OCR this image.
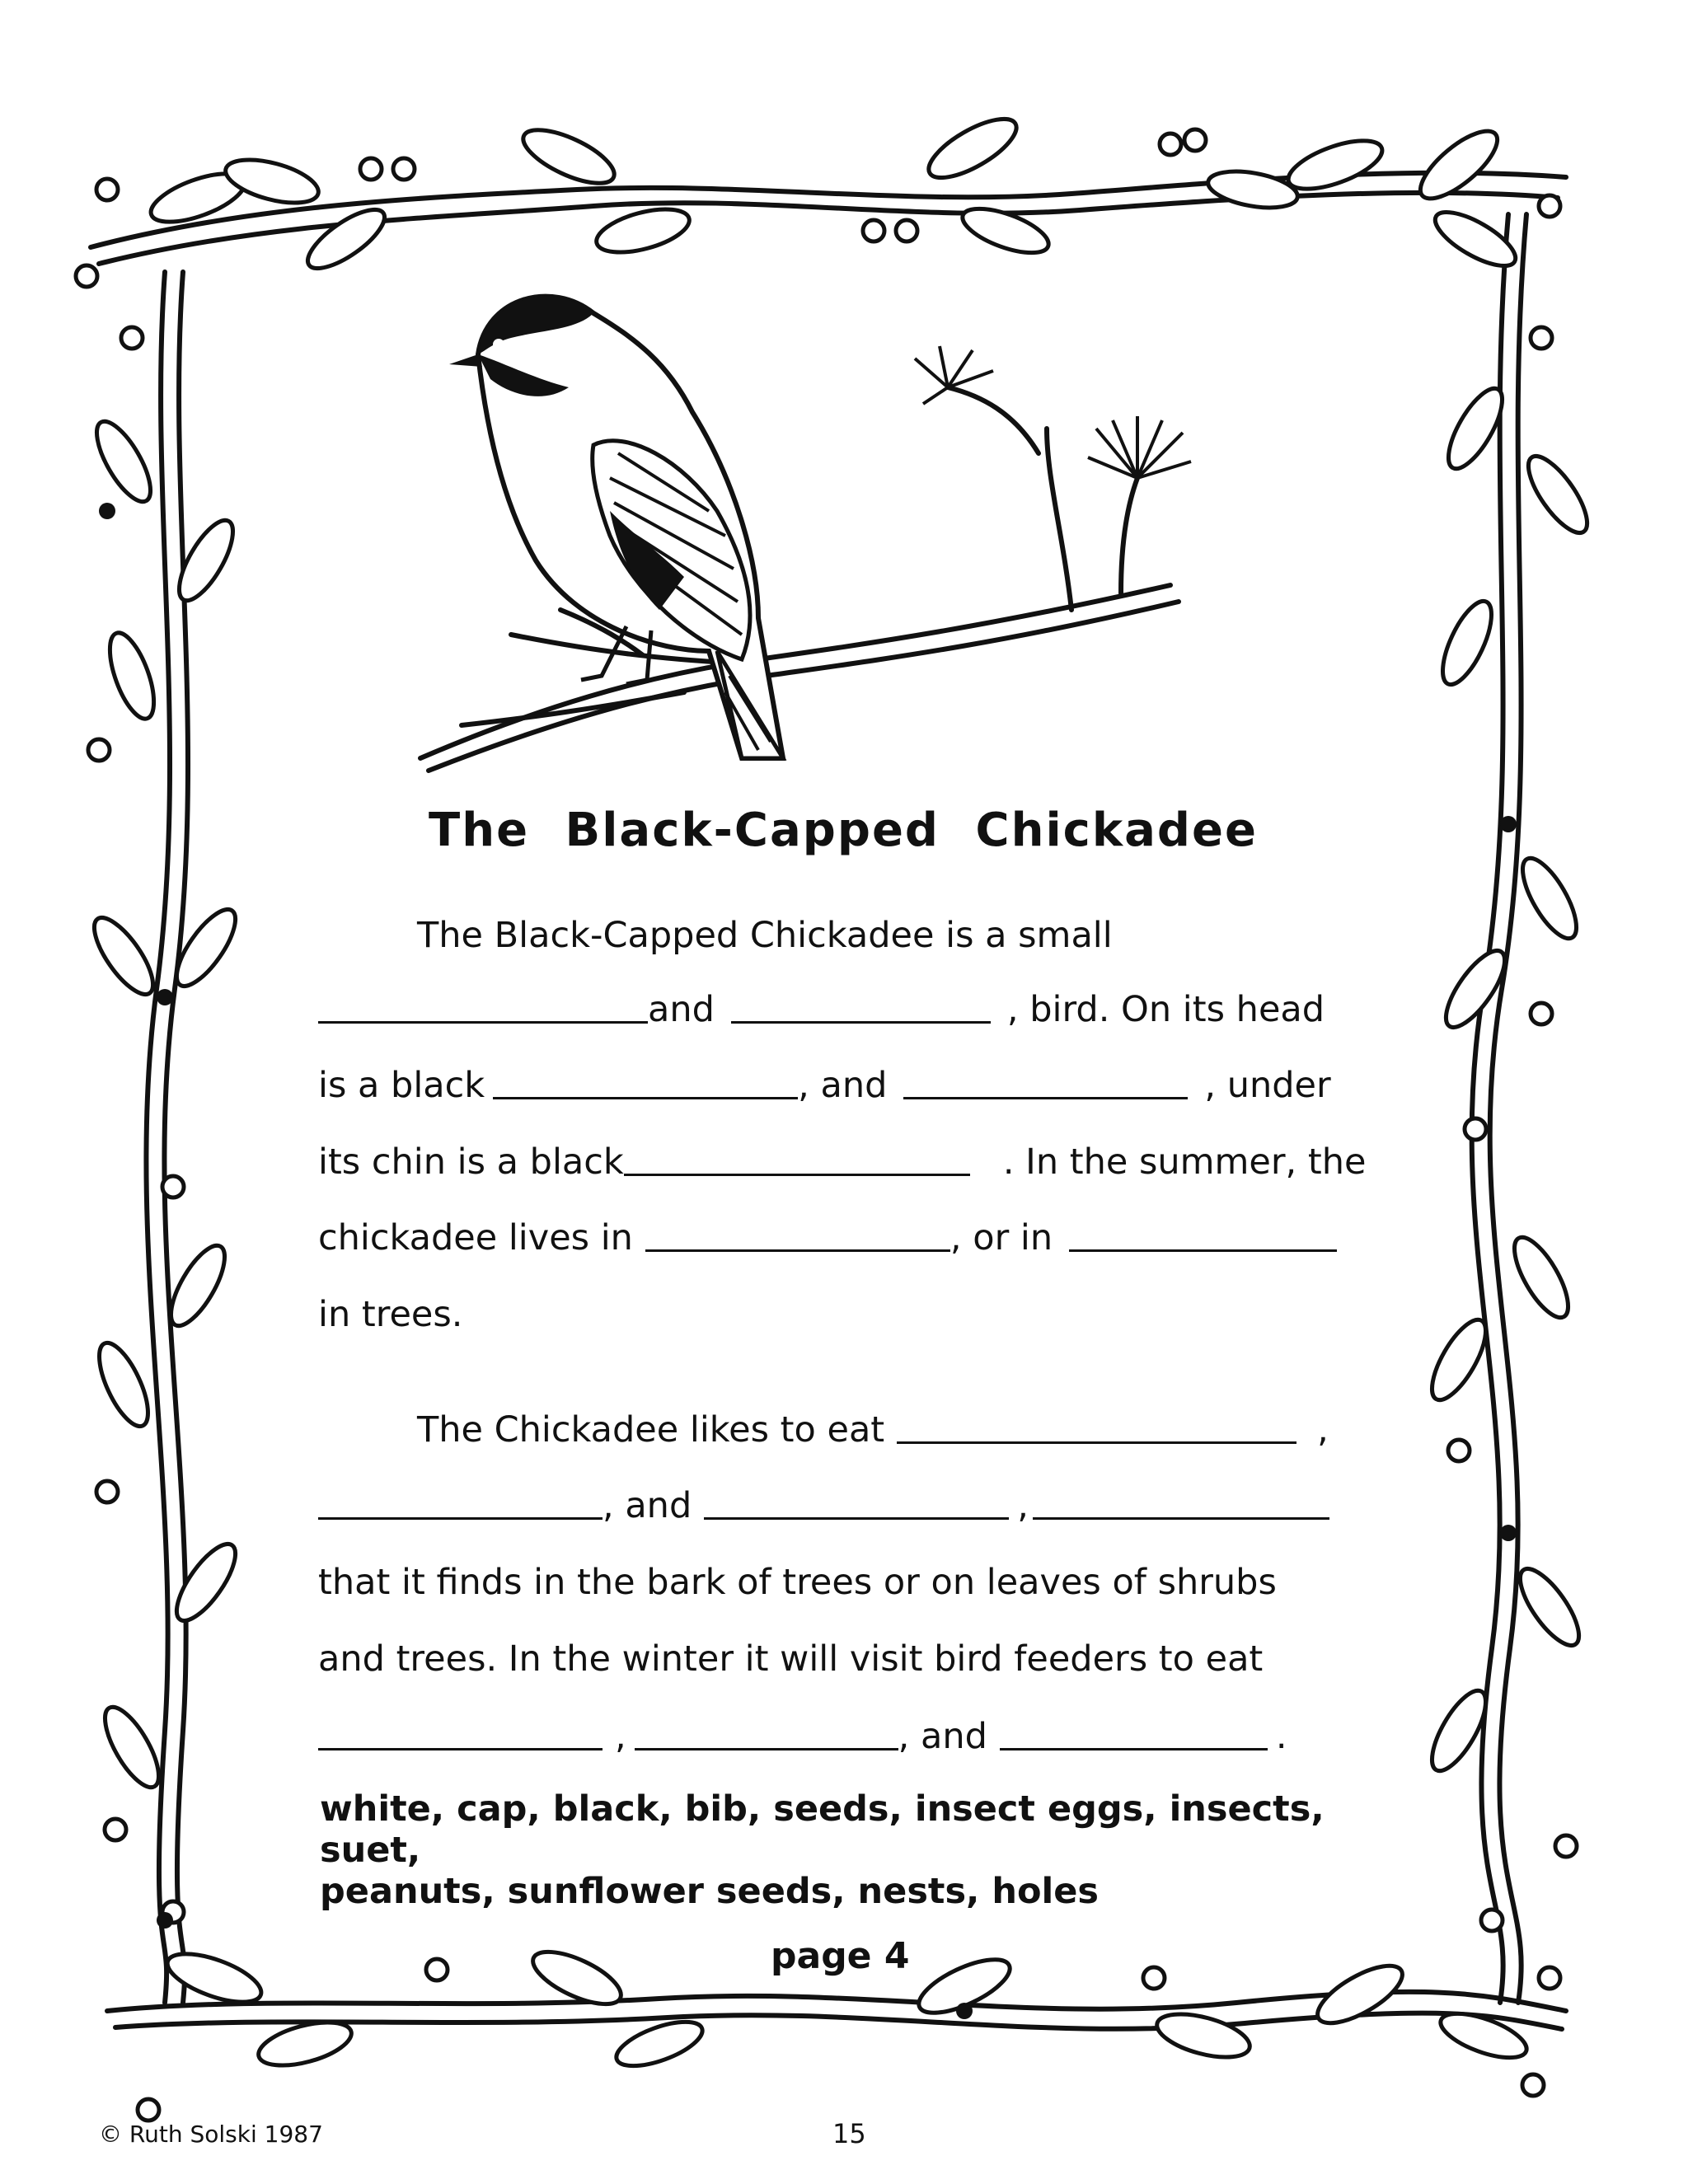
The Black-Capped Chickadee
The Black-Capped Chickadee is a small
and	, bird. On its head
is a black	, and	, under
its chin is a black	. In the summer, the
chickadee lives in	, or in
in trees.
The Chickadee likes to eat	,
, and	,
that it finds in the bark of trees or on leaves of shrubs
and trees. In the winter it will visit bird feeders to eat
,	, and	.
white, cap, black, bib, seeds, insect eggs, insects, suet,
peanuts, sunflower seeds, nests, holes
page 4
© Ruth Solski 1987	15
